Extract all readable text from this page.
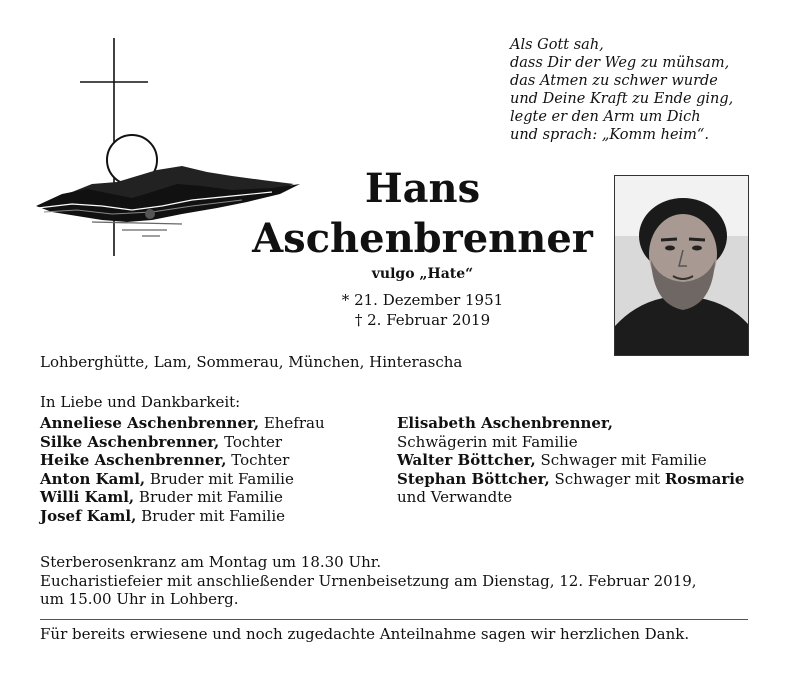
Als Gott sah,
dass Dir der Weg zu mühsam,
das Atmen zu schwer wurde
und Deine Kraft zu Ende ging,
legte er den Arm um Dich
und sprach: „Komm heim“.
Hans
Aschenbrenner
vulgo „Hate“
* 21. Dezember 1951
† 2. Februar 2019
Lohberghütte, Lam, Sommerau, München, Hinterascha
In Liebe und Dankbarkeit:
Anneliese Aschenbrenner, Ehefrau
Silke Aschenbrenner, Tochter
Heike Aschenbrenner, Tochter
Anton Kaml, Bruder mit Familie
Willi Kaml, Bruder mit Familie
Josef Kaml, Bruder mit Familie
Elisabeth Aschenbrenner,
Schwägerin mit Familie
Walter Böttcher, Schwager mit Familie
Stephan Böttcher, Schwager mit Rosmarie
und Verwandte
Sterberosenkranz am Montag um 18.30 Uhr.
Eucharistiefeier mit anschließender Urnenbeisetzung am Dienstag, 12. Februar 2019,
um 15.00 Uhr in Lohberg.
Für bereits erwiesene und noch zugedachte Anteilnahme sagen wir herzlichen Dank.
